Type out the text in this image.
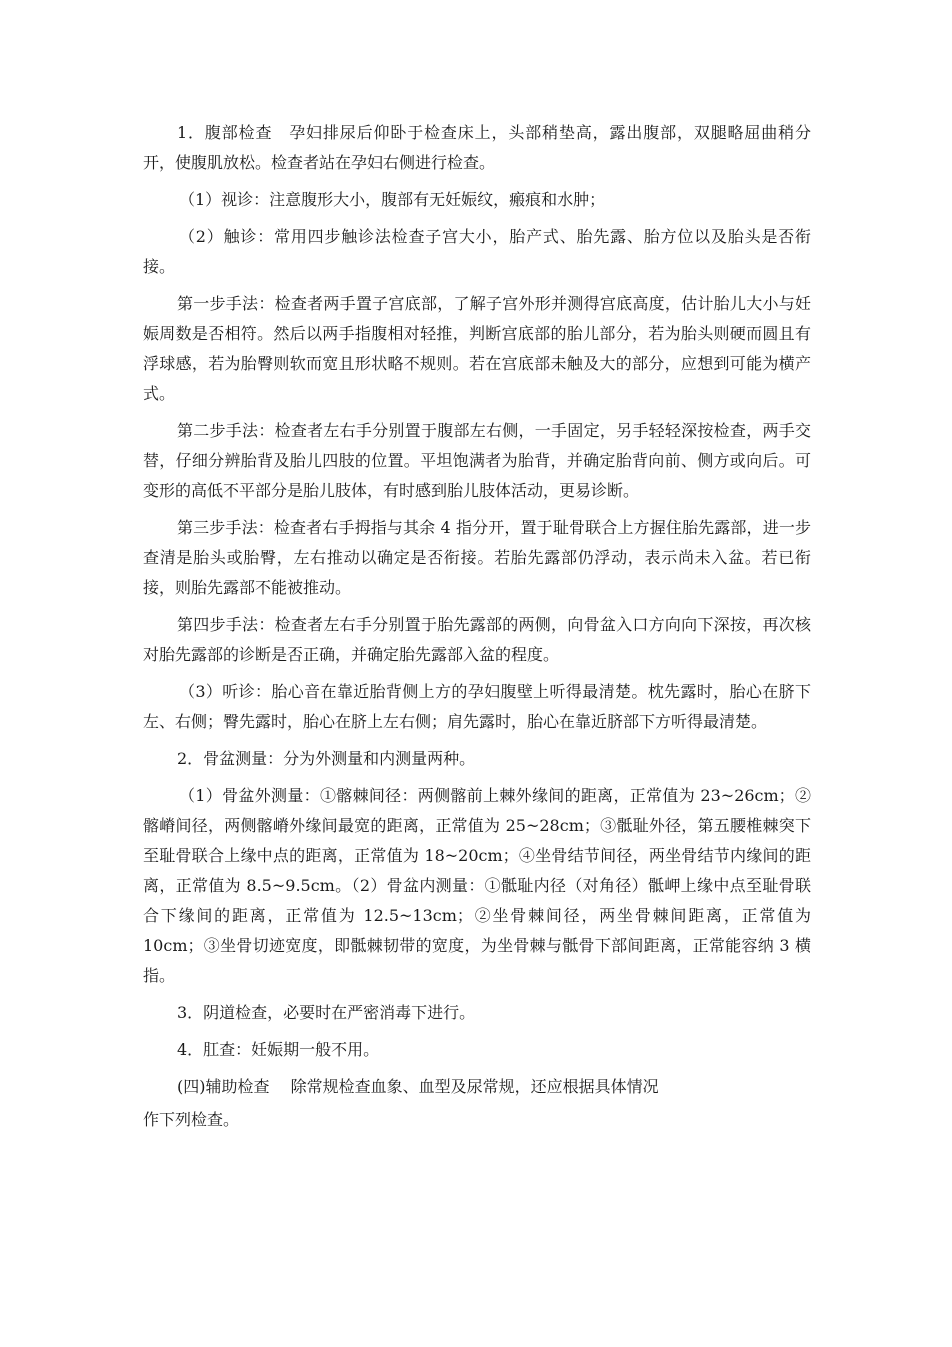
1．腹部检查　孕妇排尿后仰卧于检查床上，头部稍垫高，露出腹部，双腿略屈曲稍分开，使腹肌放松。检查者站在孕妇右侧进行检查。

（1）视诊：注意腹形大小，腹部有无妊娠纹，瘢痕和水肿；

（2）触诊：常用四步触诊法检查子宫大小，胎产式、胎先露、胎方位以及胎头是否衔接。

第一步手法：检查者两手置子宫底部，了解子宫外形并测得宫底高度，估计胎儿大小与妊娠周数是否相符。然后以两手指腹相对轻推，判断宫底部的胎儿部分，若为胎头则硬而圆且有浮球感，若为胎臀则软而宽且形状略不规则。若在宫底部未触及大的部分，应想到可能为横产式。

第二步手法：检查者左右手分别置于腹部左右侧，一手固定，另手轻轻深按检查，两手交替，仔细分辨胎背及胎儿四肢的位置。平坦饱满者为胎背，并确定胎背向前、侧方或向后。可变形的高低不平部分是胎儿肢体，有时感到胎儿肢体活动，更易诊断。

第三步手法：检查者右手拇指与其余 4 指分开，置于耻骨联合上方握住胎先露部，进一步查清是胎头或胎臀，左右推动以确定是否衔接。若胎先露部仍浮动，表示尚未入盆。若已衔接，则胎先露部不能被推动。

第四步手法：检查者左右手分别置于胎先露部的两侧，向骨盆入口方向向下深按，再次核对胎先露部的诊断是否正确，并确定胎先露部入盆的程度。

（3）听诊：胎心音在靠近胎背侧上方的孕妇腹壁上听得最清楚。枕先露时，胎心在脐下左、右侧；臀先露时，胎心在脐上左右侧；肩先露时，胎心在靠近脐部下方听得最清楚。

2．骨盆测量：分为外测量和内测量两种。

（1）骨盆外测量：①髂棘间径：两侧髂前上棘外缘间的距离，正常值为 23~26cm；②髂嵴间径，两侧髂嵴外缘间最宽的距离，正常值为 25~28cm；③骶耻外径，第五腰椎棘突下至耻骨联合上缘中点的距离，正常值为 18~20cm；④坐骨结节间径，两坐骨结节内缘间的距离，正常值为 8.5~9.5cm。（2）骨盆内测量：①骶耻内径（对角径）骶岬上缘中点至耻骨联合下缘间的距离，正常值为 12.5~13cm；②坐骨棘间径，两坐骨棘间距离，正常值为 10cm；③坐骨切迹宽度，即骶棘韧带的宽度，为坐骨棘与骶骨下部间距离，正常能容纳 3 横指。

3．阴道检查，必要时在严密消毒下进行。

4．肛查：妊娠期一般不用。

(四)辅助检查　 除常规检查血象、血型及尿常规，还应根据具体情况

作下列检查。
